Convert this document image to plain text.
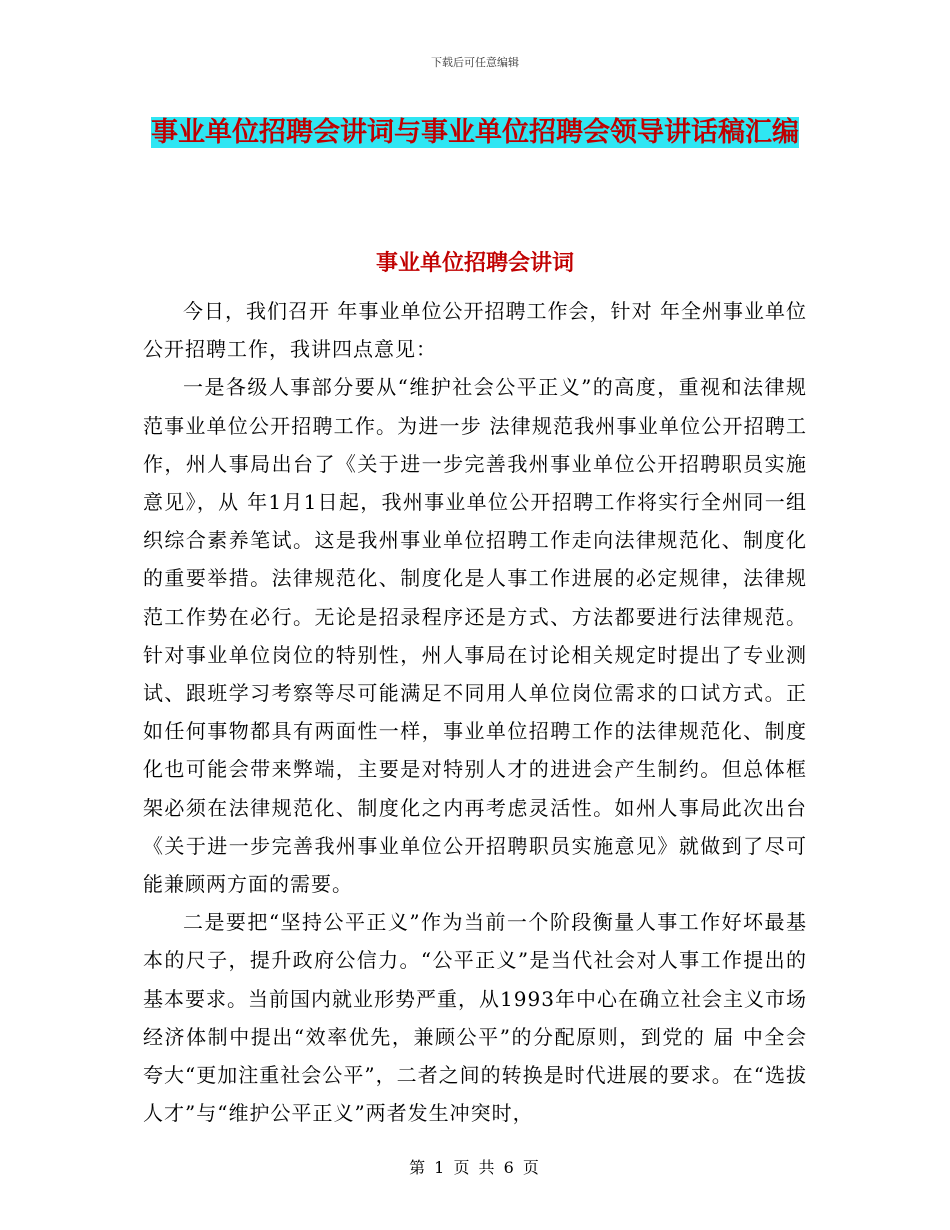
下载后可任意编辑
事业单位招聘会讲词与事业单位招聘会领导讲话稿汇编
事业单位招聘会讲词

今日，我们召开 年事业单位公开招聘工作会，针对 年全州事业单位公开招聘工作，我讲四点意见：

一是各级人事部分要从“维护社会公平正义”的高度，重视和法律规范事业单位公开招聘工作。为进一步 法律规范我州事业单位公开招聘工作，州人事局出台了《关于进一步完善我州事业单位公开招聘职员实施意见》，从 年1月1日起，我州事业单位公开招聘工作将实行全州同一组织综合素养笔试。这是我州事业单位招聘工作走向法律规范化、制度化的重要举措。法律规范化、制度化是人事工作进展的必定规律，法律规范工作势在必行。无论是招录程序还是方式、方法都要进行法律规范。针对事业单位岗位的特别性，州人事局在讨论相关规定时提出了专业测试、跟班学习考察等尽可能满足不同用人单位岗位需求的口试方式。正如任何事物都具有两面性一样，事业单位招聘工作的法律规范化、制度化也可能会带来弊端，主要是对特别人才的进进会产生制约。但总体框架必须在法律规范化、制度化之内再考虑灵活性。如州人事局此次出台《关于进一步完善我州事业单位公开招聘职员实施意见》就做到了尽可能兼顾两方面的需要。

二是要把“坚持公平正义”作为当前一个阶段衡量人事工作好坏最基本的尺子，提升政府公信力。“公平正义”是当代社会对人事工作提出的基本要求。当前国内就业形势严重，从1993年中心在确立社会主义市场经济体制中提出“效率优先，兼顾公平”的分配原则，到党的 届 中全会夸大“更加注重社会公平”，二者之间的转换是时代进展的要求。在“选拔人才”与“维护公平正义”两者发生冲突时，

第 1 页 共 6 页
